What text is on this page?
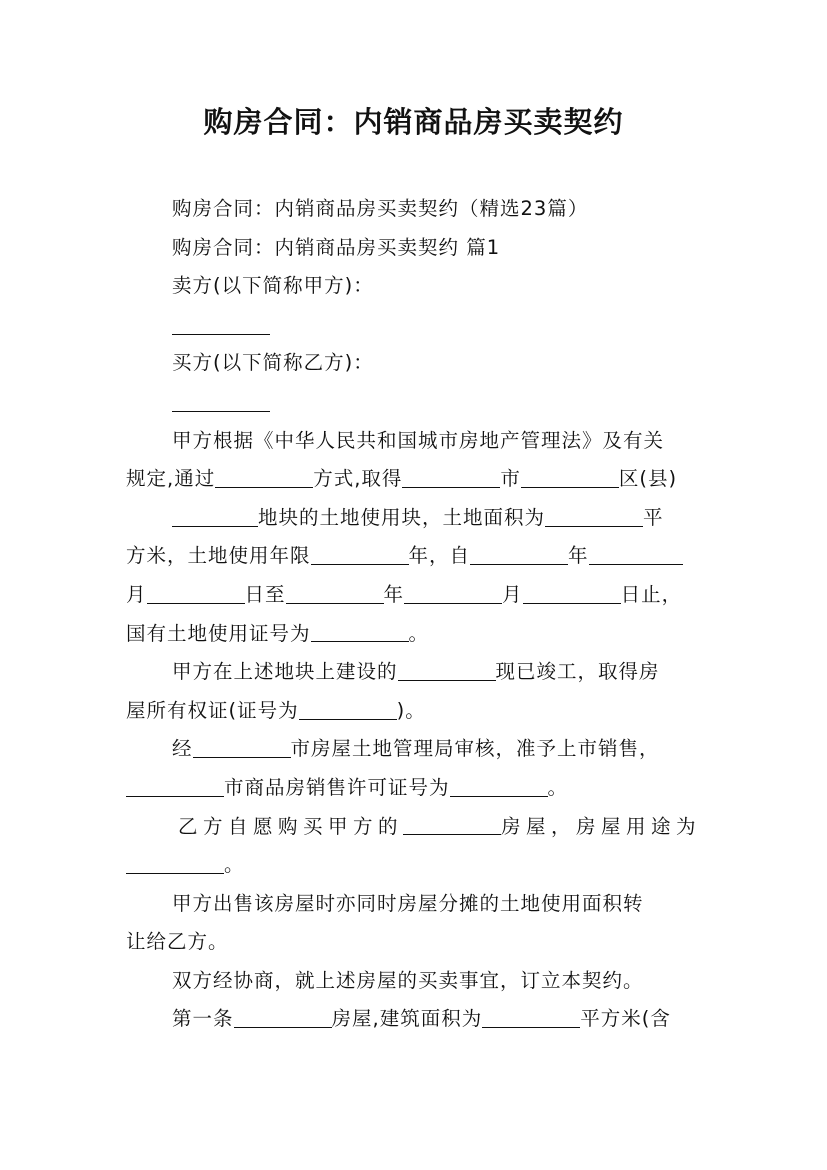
购房合同：内销商品房买卖契约
购房合同：内销商品房买卖契约（精选23篇）
购房合同：内销商品房买卖契约 篇1
卖方(以下简称甲方)：
买方(以下简称乙方)：
甲方根据《中华人民共和国城市房地产管理法》及有关
规定,通过	方式,取得	市	区(县)
地块的土地使用块，土地面积为	平
方米，土地使用年限	年，自	年
月	日至	年	月	日止，
国有土地使用证号为	。
甲方在上述地块上建设的	现已竣工，取得房
屋所有权证(证号为	)。
经	市房屋土地管理局审核，准予上市销售，
市商品房销售许可证号为	。
乙方自愿购买甲方的	房屋，房屋用途为
。
甲方出售该房屋时亦同时房屋分摊的土地使用面积转
让给乙方。
双方经协商，就上述房屋的买卖事宜，订立本契约。
第一条	房屋,建筑面积为	平方米(含
